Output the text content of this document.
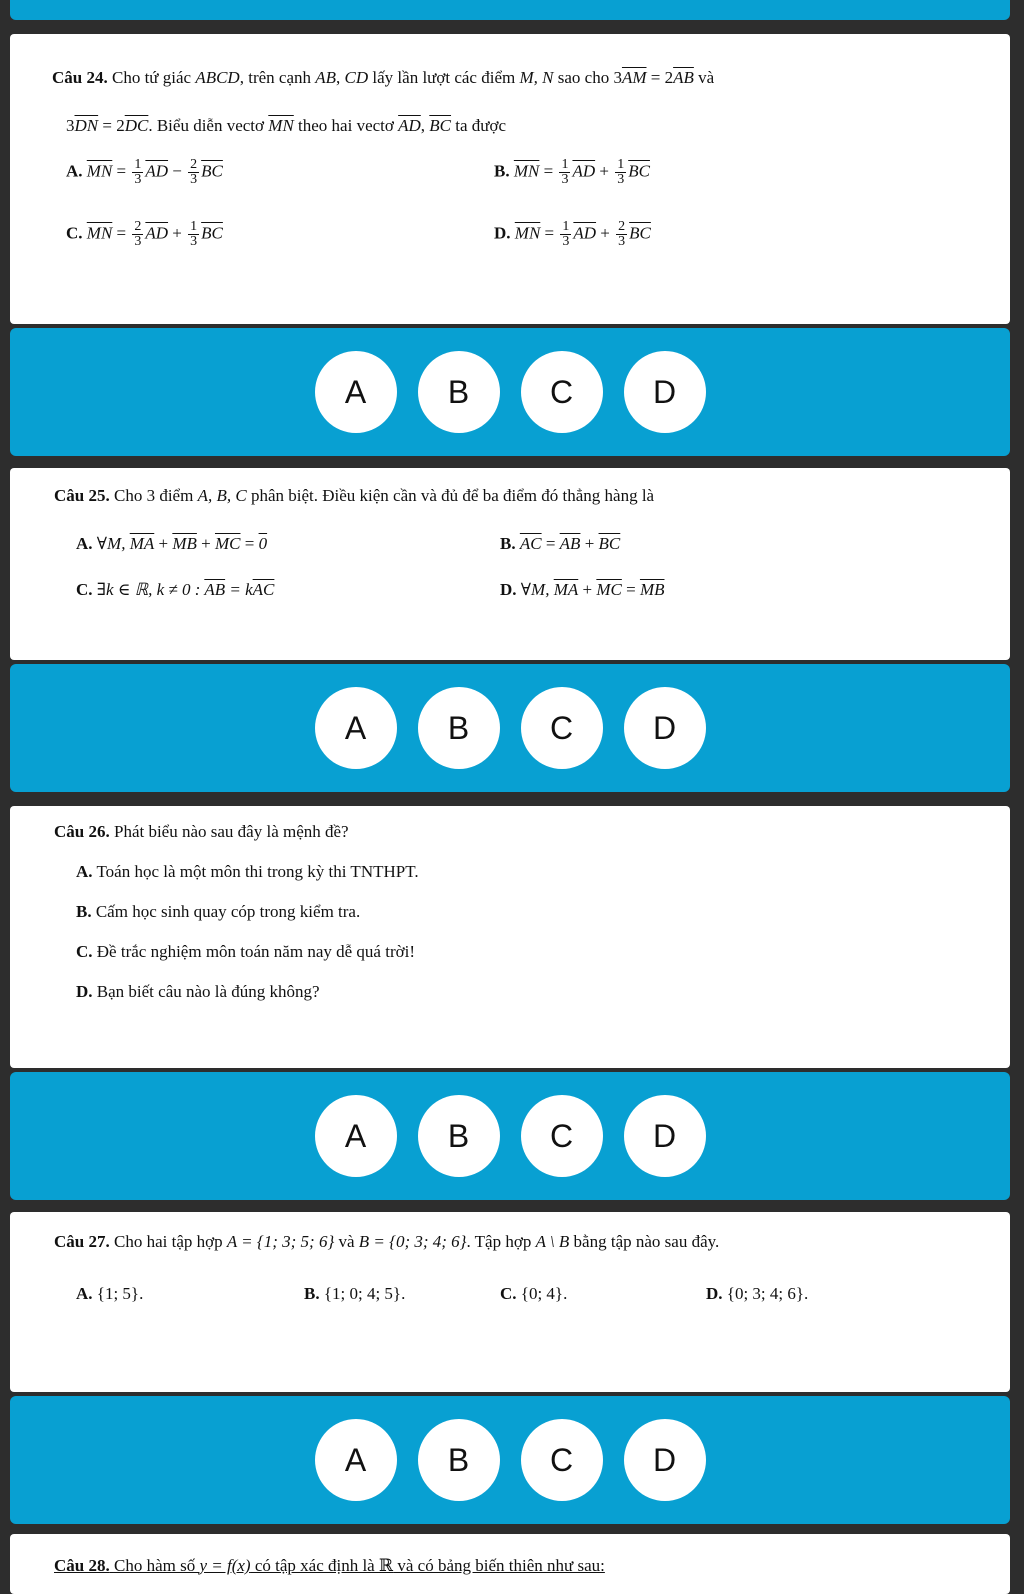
Câu 24. Cho tứ giác ABCD, trên cạnh AB, CD lấy lần lượt các điểm M, N sao cho $3\overline{AM} = 2\overline{AB}$ và
$3\overline{DN} = 2\overline{DC}$. Biểu diễn vectơ $\overline{MN}$ theo hai vectơ $\overline{AD}$, $\overline{BC}$ ta được
A. $\overline{MN} = \frac{1}{3} \overline{AD} - \frac{2}{3} \overline{BC}$	B. $\overline{MN} = \frac{1}{3} \overline{AD} + \frac{1}{3} \overline{BC}$
C. $\overline{MN} = \frac{2}{3} \overline{AD} + \frac{1}{3} \overline{BC}$	D. $\overline{MN} = \frac{1}{3} \overline{AD} + \frac{2}{3} \overline{BC}$
A	B	C	D
Câu 25. Cho 3 điểm A, B, C phân biệt. Điều kiện cần và đủ để ba điểm đó thẳng hàng là
A. ∀M, $\overline{MA} + \overline{MB} + \overline{MC} = 0$	B. $\overline{AC} = \overline{AB} + \overline{BC}$
C. ∃k ∈ ℝ, k ≠ 0 : $\overline{AB} = k\overline{AC}$	D. ∀M, $\overline{MA} + \overline{MC} = \overline{MB}$
A	B	C	D
Câu 26. Phát biểu nào sau đây là mệnh đề?
A. Toán học là một môn thi trong kỳ thi TNTHPT.
B. Cấm học sinh quay cóp trong kiểm tra.
C. Đề trắc nghiệm môn toán năm nay dễ quá trời!
D. Bạn biết câu nào là đúng không?
A	B	C	D
Câu 27. Cho hai tập hợp A = {1; 3; 5; 6} và B = {0; 3; 4; 6}. Tập hợp A \ B bằng tập nào sau đây.
A. {1; 5}.	B. {1; 0; 4; 5}.	C. {0; 4}.	D. {0; 3; 4; 6}.
A	B	C	D
Câu 28. Cho hàm số y = f(x) có tập xác định là ℝ và có bảng biến thiên như sau:
